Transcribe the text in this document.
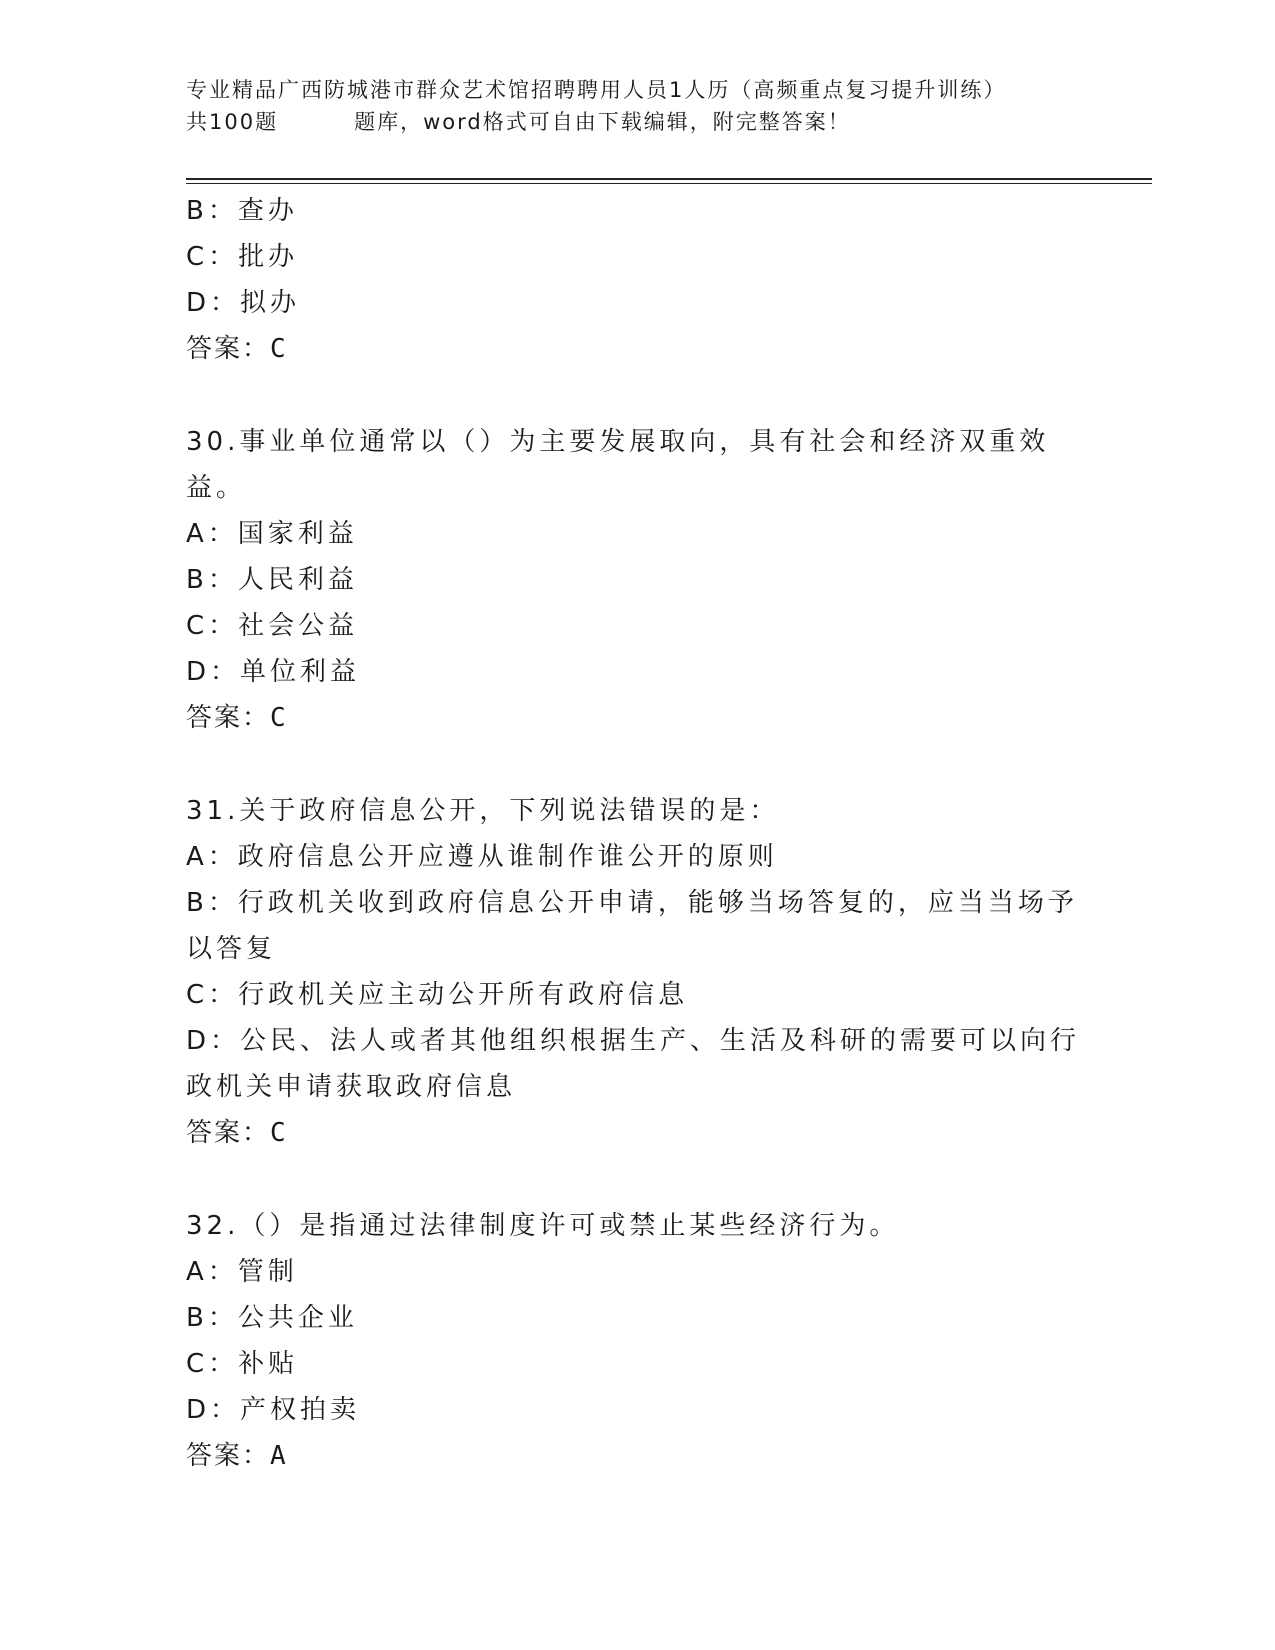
专业精品广西防城港市群众艺术馆招聘聘用人员1人历（高频重点复习提升训练）
共100题	题库，word格式可自由下载编辑，附完整答案！
B：查办
C：批办
D：拟办
答案：C
30.事业单位通常以（）为主要发展取向，具有社会和经济双重效益。
A：国家利益
B：人民利益
C：社会公益
D：单位利益
答案：C
31.关于政府信息公开，下列说法错误的是：
A：政府信息公开应遵从谁制作谁公开的原则
B：行政机关收到政府信息公开申请，能够当场答复的，应当当场予以答复
C：行政机关应主动公开所有政府信息
D：公民、法人或者其他组织根据生产、生活及科研的需要可以向行政机关申请获取政府信息
答案：C
32.（）是指通过法律制度许可或禁止某些经济行为。
A：管制
B：公共企业
C：补贴
D：产权拍卖
答案：A
